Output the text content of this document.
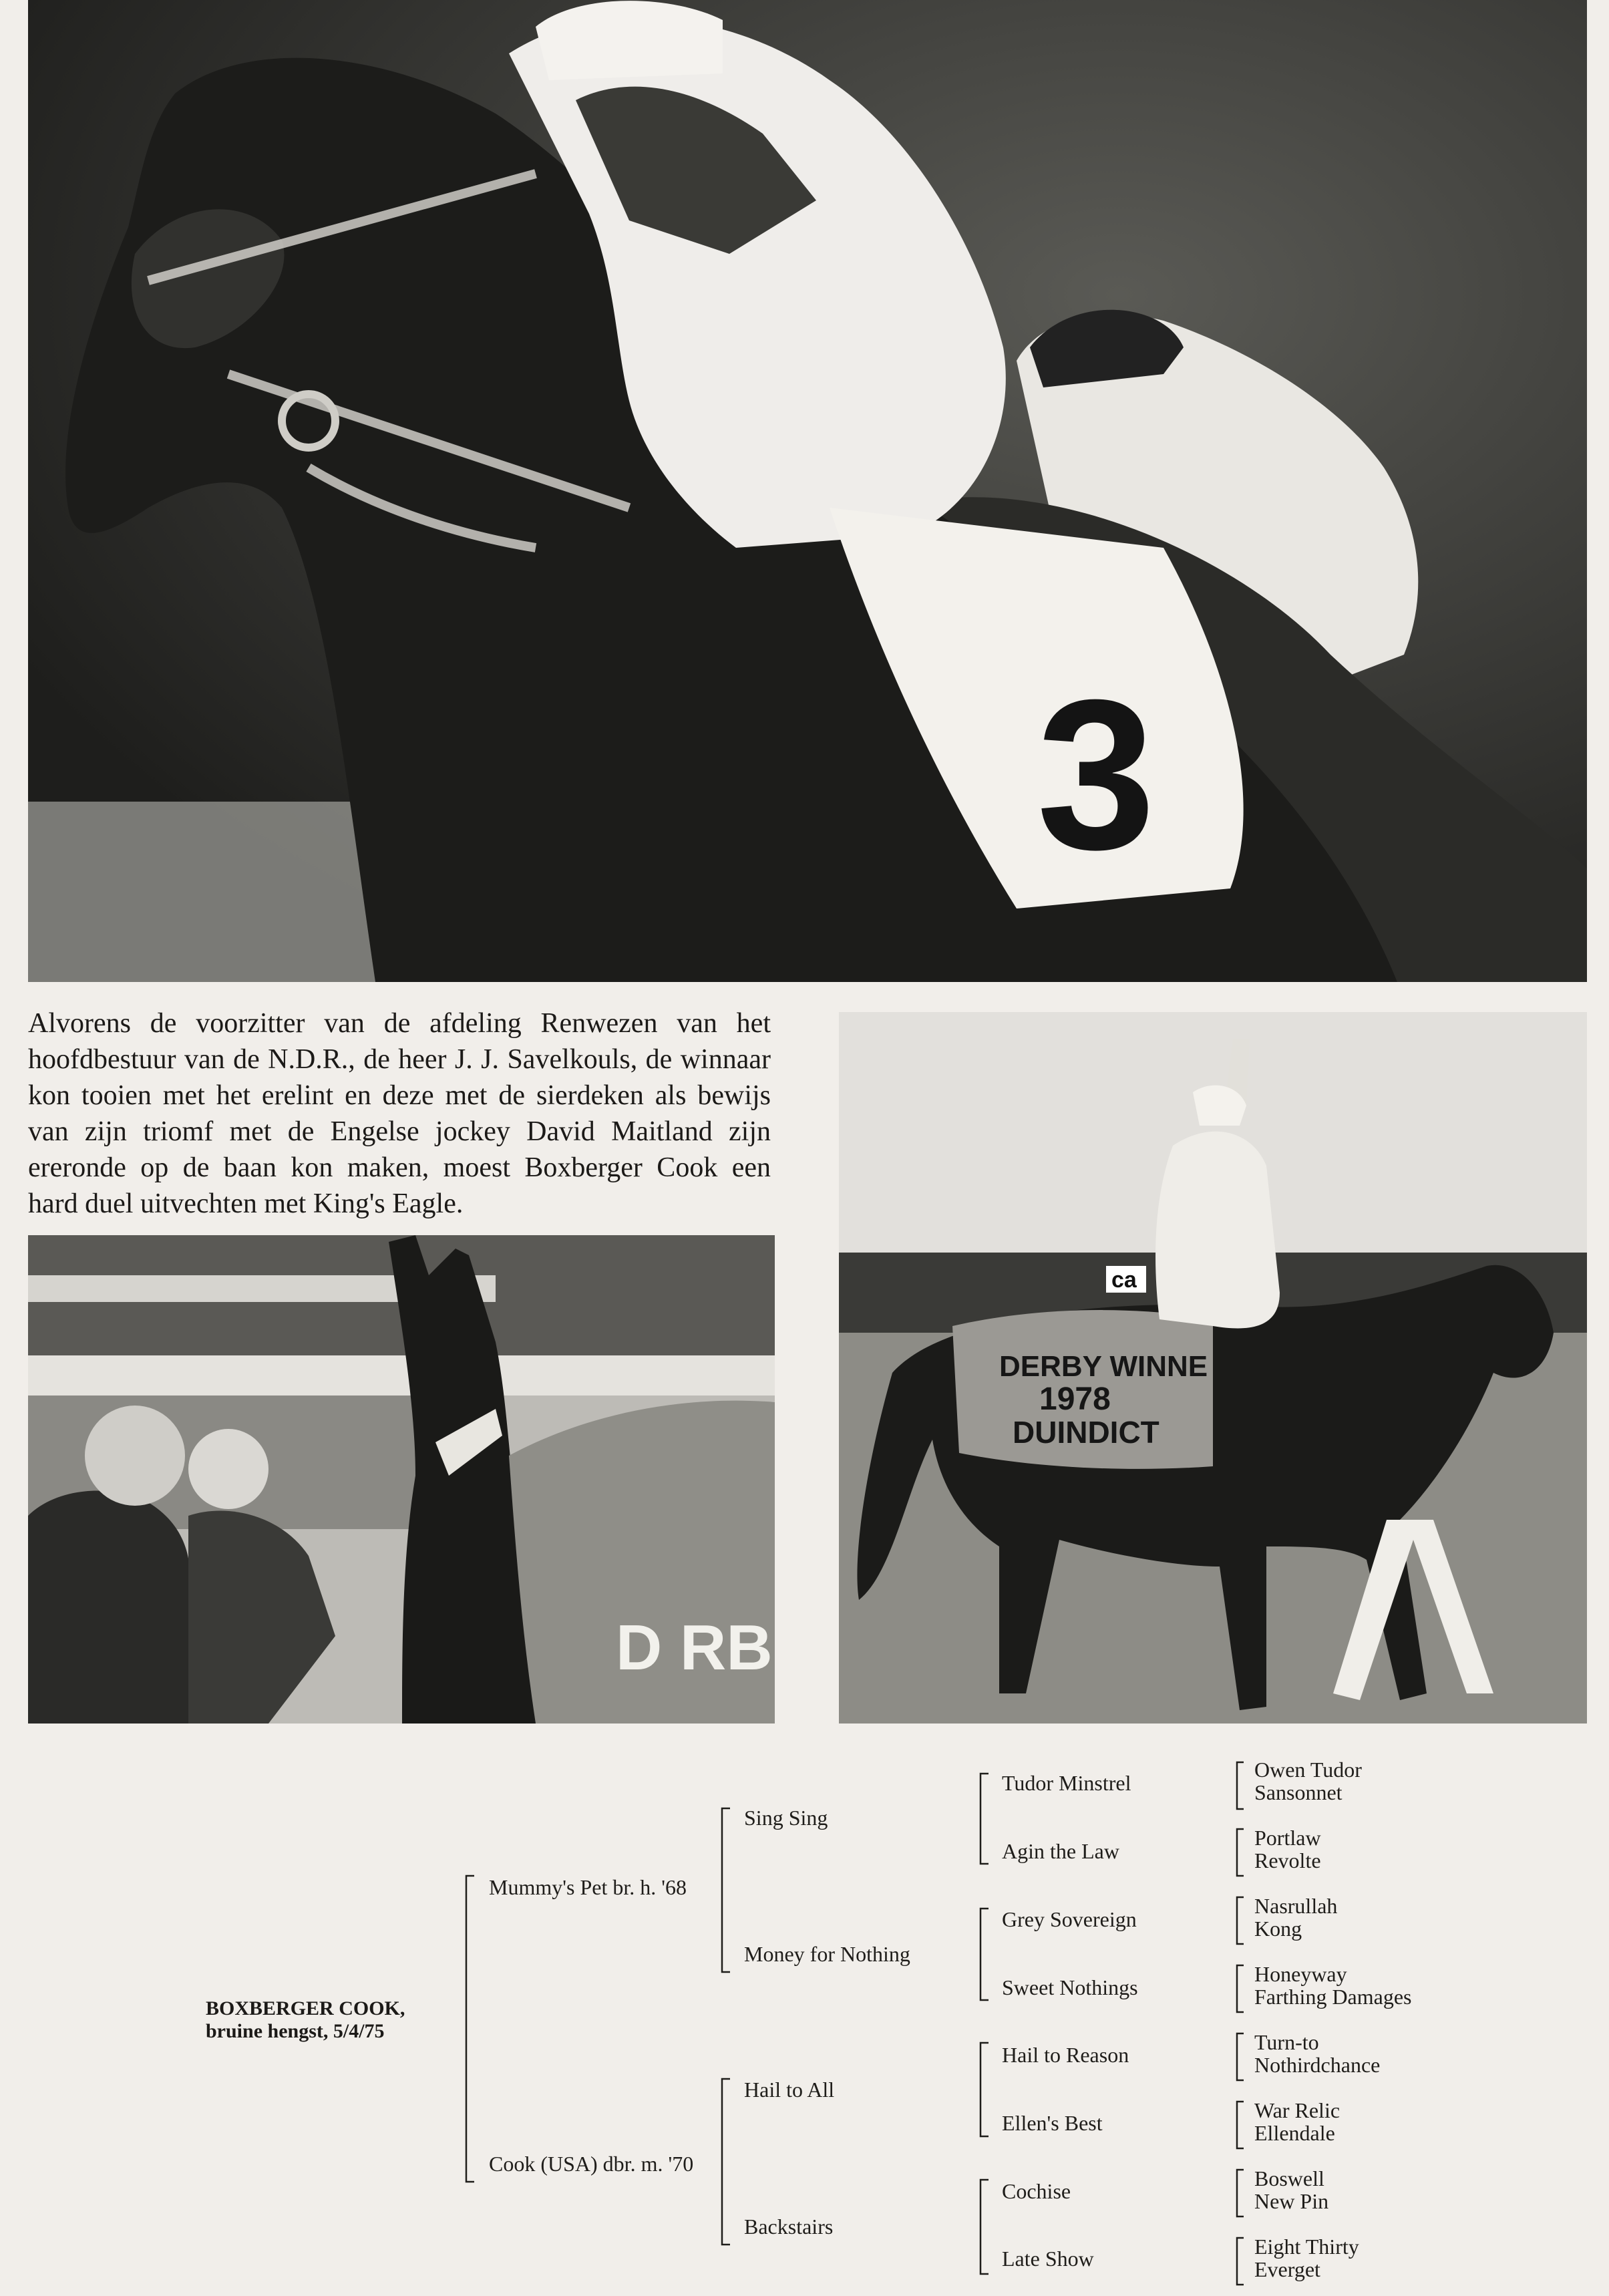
3
Alvorens de voorzitter van de afdeling Renwezen van het
hoofdbestuur van de N.D.R., de heer J. J. Savelkouls, de winnaar
kon tooien met het erelint en deze met de sierdeken als bewijs
van zijn triomf met de Engelse jockey David Maitland zijn
ereronde op de baan kon maken, moest Boxberger Cook een
hard duel uitvechten met King's Eagle.
ca
DERBY WINNE
1978
DUINDICT
D RB
BOXBERGER COOK,
bruine hengst, 5/4/75
Mummy's Pet br. h. '68
Cook (USA) dbr. m. '70
Sing Sing
Money for Nothing
Hail to All
Backstairs
Tudor Minstrel
Agin the Law
Grey Sovereign
Sweet Nothings
Hail to Reason
Ellen's Best
Cochise
Late Show
Owen Tudor
Sansonnet
Portlaw
Revolte
Nasrullah
Kong
Honeyway
Farthing Damages
Turn-to
Nothirdchance
War Relic
Ellendale
Boswell
New Pin
Eight Thirty
Everget
